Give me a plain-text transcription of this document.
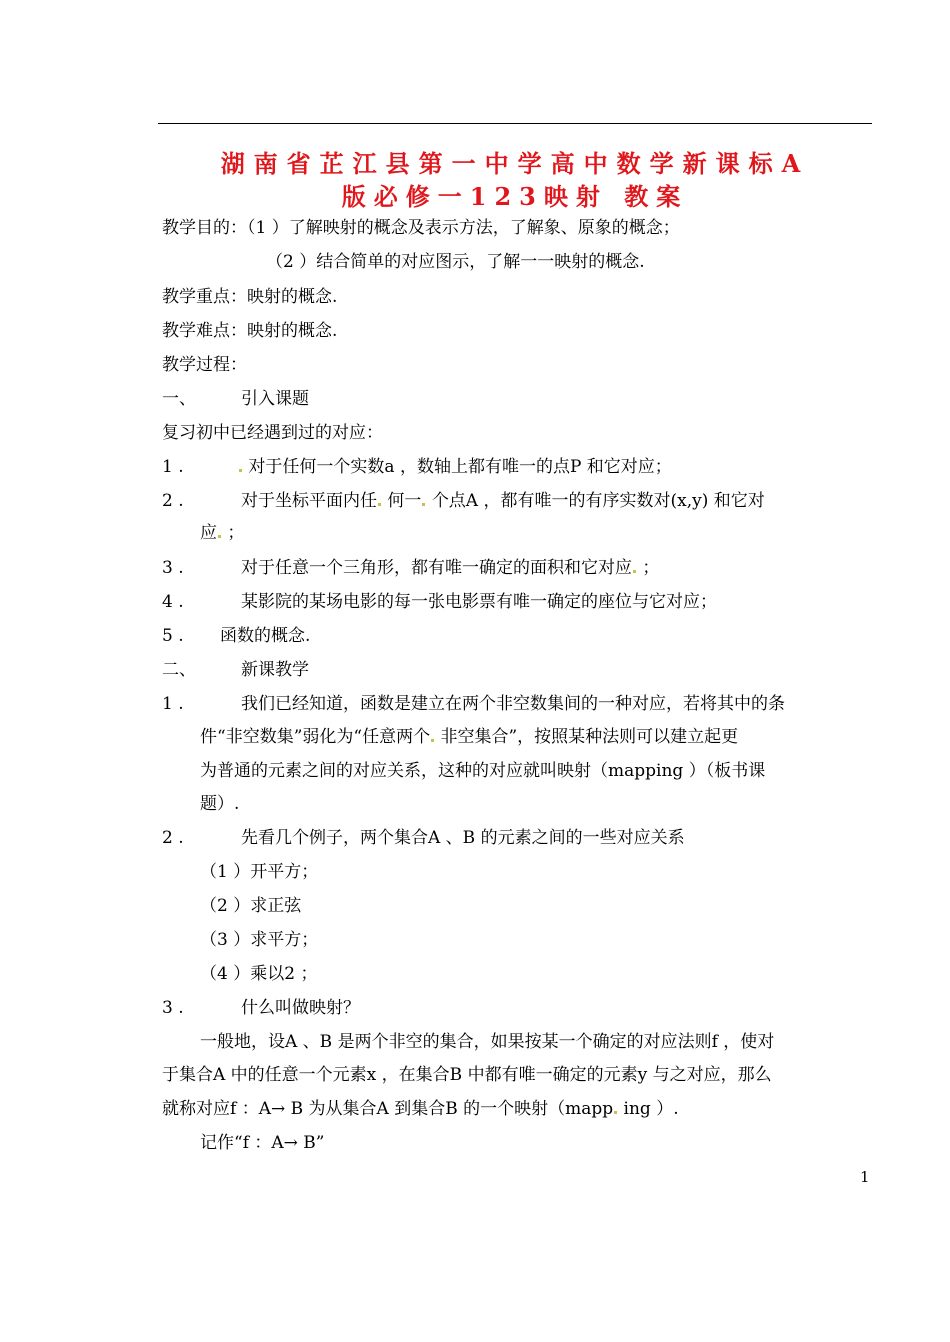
湖南省芷江县第一中学高中数学新课标A
版必修一123映射 教案
教学目的：（1 ）了解映射的概念及表示方法，了解象、原象的概念；
（2 ）结合简单的对应图示，了解一一映射的概念.
教学重点：映射的概念.
教学难点：映射的概念.
教学过程：
一、	引入课题
复习初中已经遇到过的对应：
1 .	对于任何一个实数a ，数轴上都有唯一的点P 和它对应；
2 .	对于坐标平面内任 何一 个点A ，都有唯一的有序实数对(x,y) 和它对
应 ；
3 .	对于任意一个三角形，都有唯一确定的面积和它对应 ；
4 .	某影院的某场电影的每一张电影票有唯一确定的座位与它对应；
5 . 函数的概念.
二、	新课教学
1 .	我们已经知道，函数是建立在两个非空数集间的一种对应，若将其中的条
件“非空数集”弱化为“任意两个 非空集合”，按照某种法则可以建立起更
为普通的元素之间的对应关系，这种的对应就叫映射（mapping ）（板书课
题）.
2 .	先看几个例子，两个集合A 、B 的元素之间的一些对应关系
（1 ）开平方；
（2 ）求正弦
（3 ）求平方；
（4 ）乘以2 ；
3 .	什么叫做映射？
一般地，设A 、B 是两个非空的集合，如果按某一个确定的对应法则f ，使对
于集合A 中的任意一个元素x ，在集合B 中都有唯一确定的元素y 与之对应，那么
就称对应f ：A→ B 为从集合A 到集合B 的一个映射（mapp ing ）.
记作“f ：A→ B”
1
